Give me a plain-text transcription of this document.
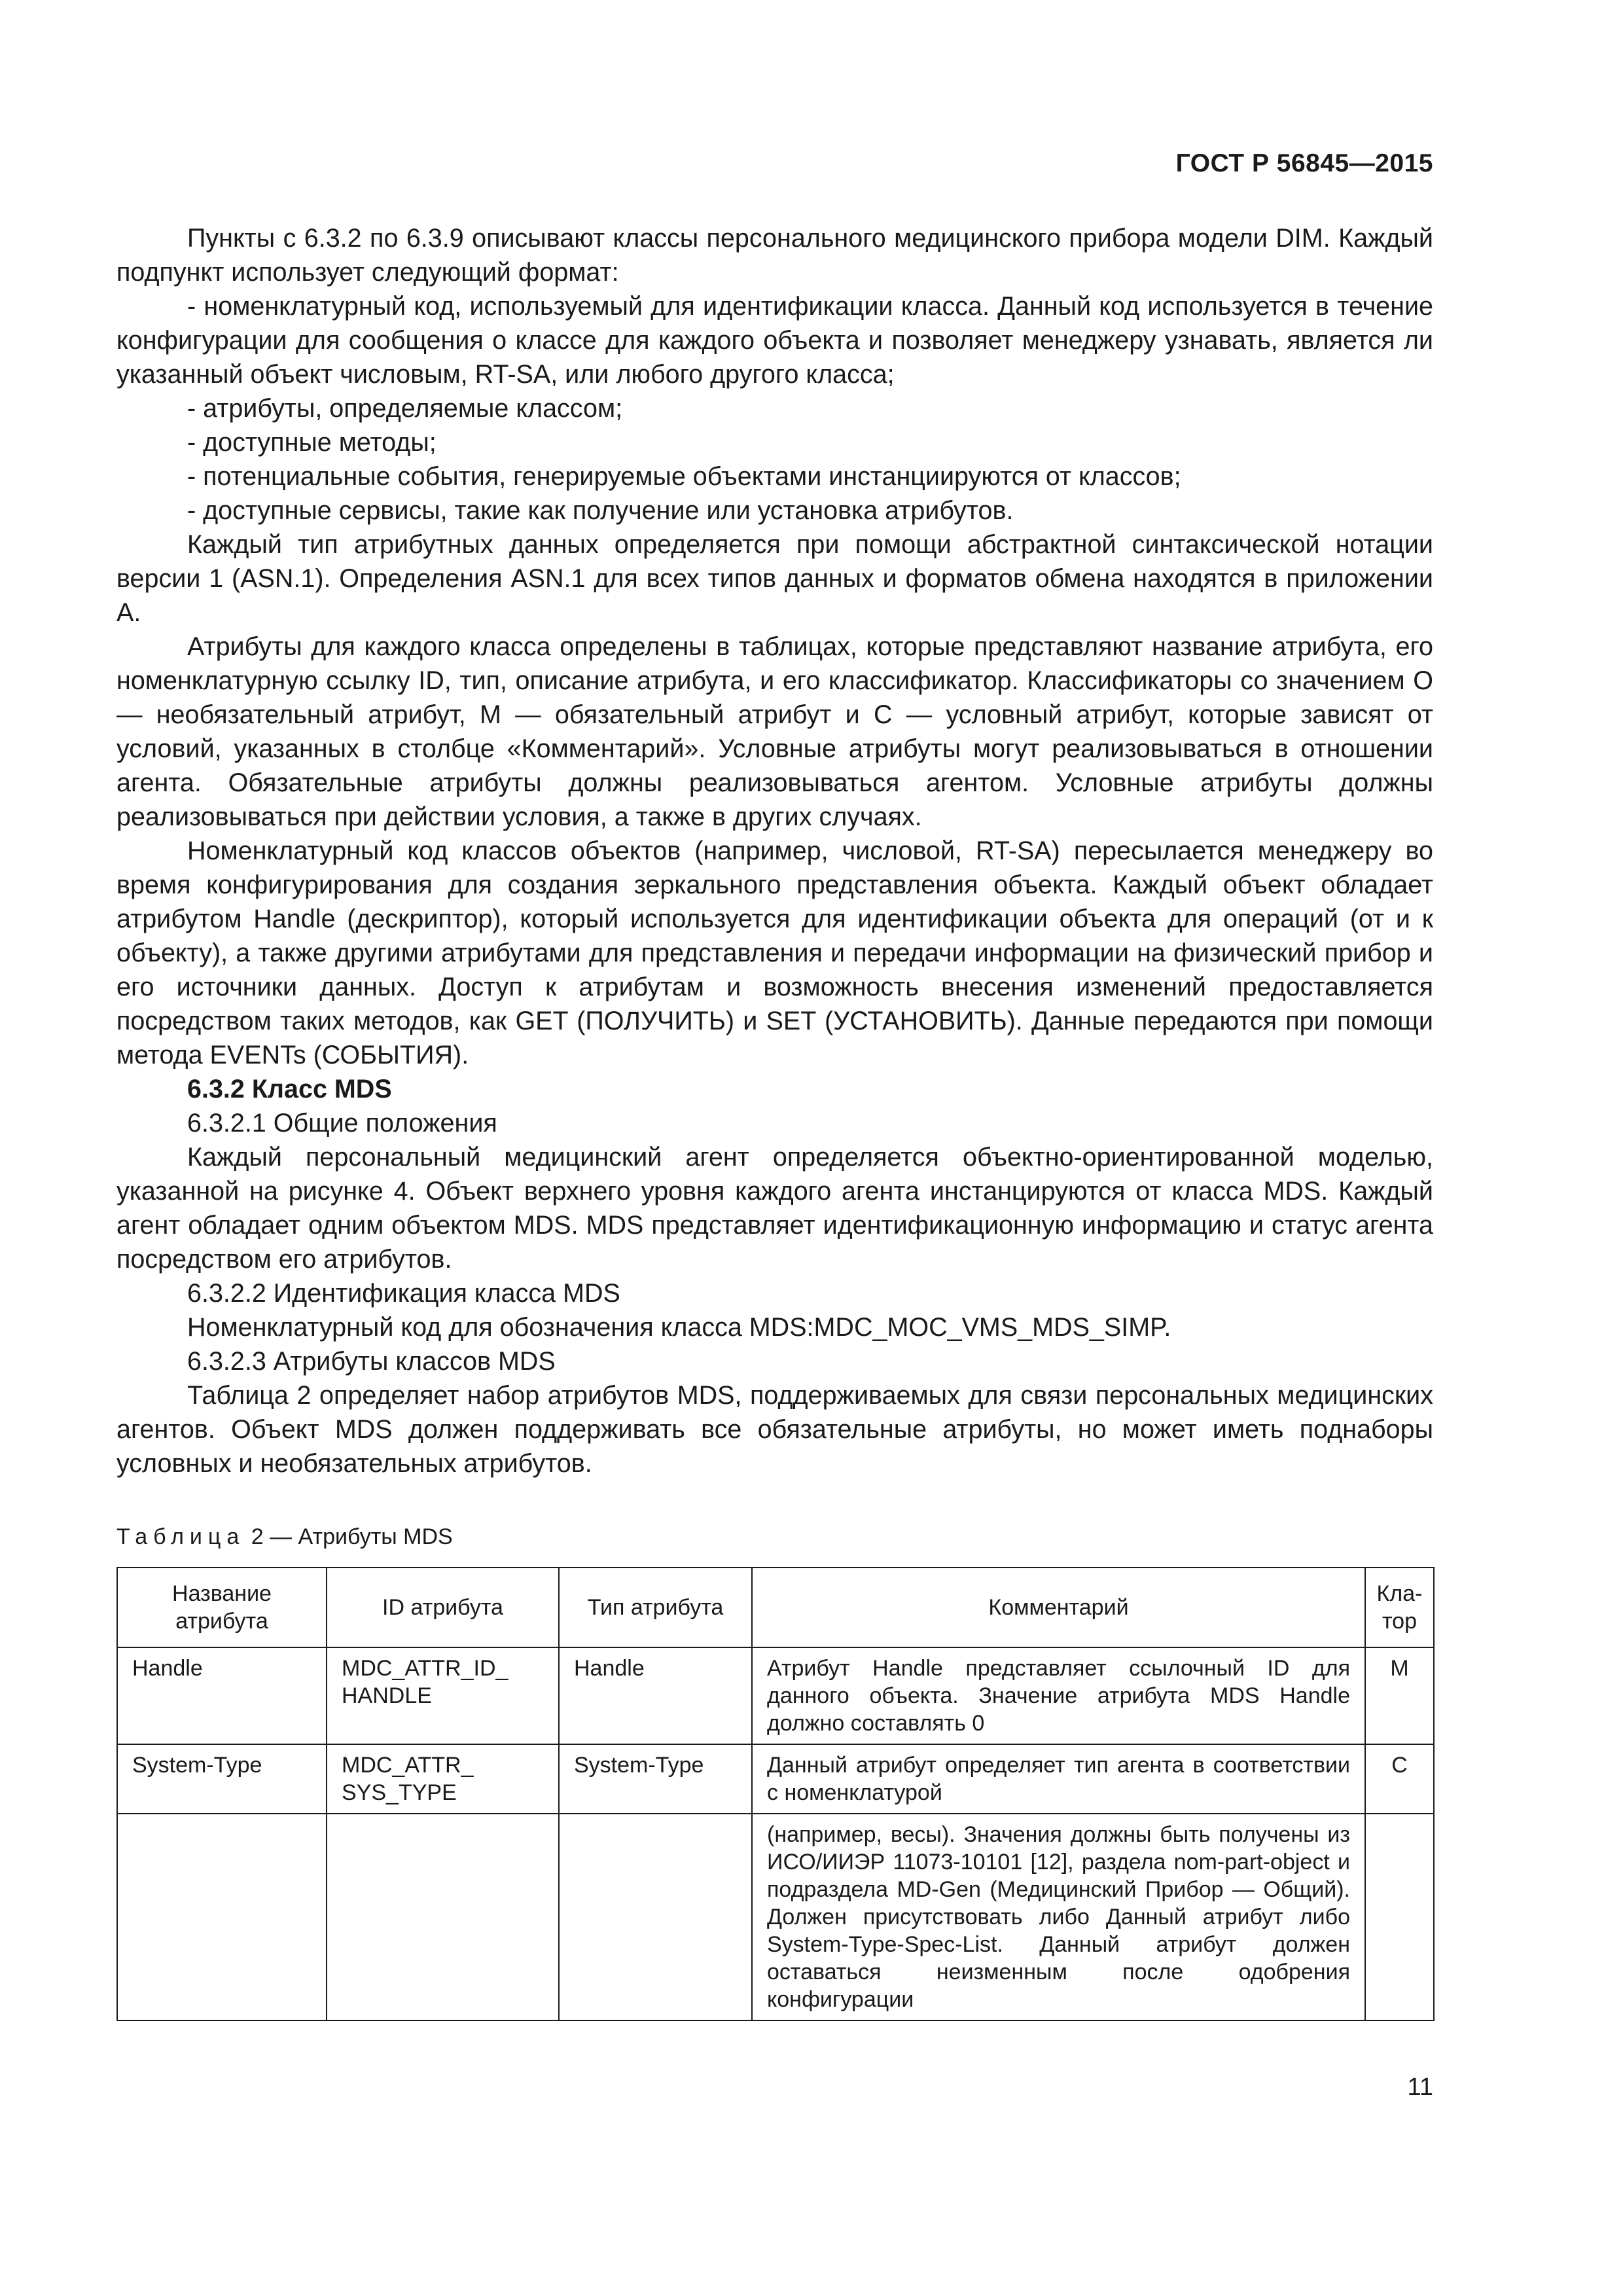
ГОСТ Р 56845—2015

Пункты с 6.3.2 по 6.3.9 описывают классы персонального медицинского прибора модели DIM. Каждый подпункт использует следующий формат:

- номенклатурный код, используемый для идентификации класса. Данный код используется в течение конфигурации для сообщения о классе для каждого объекта и позволяет менеджеру узнавать, является ли указанный объект числовым, RT-SA, или любого другого класса;

- атрибуты, определяемые классом;

- доступные методы;

- потенциальные события, генерируемые объектами инстанциируются от классов;

- доступные сервисы, такие как получение или установка атрибутов.

Каждый тип атрибутных данных определяется при помощи абстрактной синтаксической нотации версии 1 (ASN.1). Определения ASN.1 для всех типов данных и форматов обмена находятся в приложении А.

Атрибуты для каждого класса определены в таблицах, которые представляют название атрибута, его номенклатурную ссылку ID, тип, описание атрибута, и его классификатор. Классификаторы со значением О — необязательный атрибут, М — обязательный атрибут и С — условный атрибут, которые зависят от условий, указанных в столбце «Комментарий». Условные атрибуты могут реализовываться в отношении агента. Обязательные атрибуты должны реализовываться агентом. Условные атрибуты должны реализовываться при действии условия, а также в других случаях.

Номенклатурный код классов объектов (например, числовой, RT-SA) пересылается менеджеру во время конфигурирования для создания зеркального представления объекта. Каждый объект обладает атрибутом Handle (дескриптор), который используется для идентификации объекта для операций (от и к объекту), а также другими атрибутами для представления и передачи информации на физический прибор и его источники данных. Доступ к атрибутам и возможность внесения изменений предоставляется посредством таких методов, как GET (ПОЛУЧИТЬ) и SET (УСТАНОВИТЬ). Данные передаются при помощи метода EVENTs (СОБЫТИЯ).

6.3.2 Класс MDS

6.3.2.1 Общие положения

Каждый персональный медицинский агент определяется объектно-ориентированной моделью, указанной на рисунке 4. Объект верхнего уровня каждого агента инстанцируются от класса MDS. Каждый агент обладает одним объектом MDS. MDS представляет идентификационную информацию и статус агента посредством его атрибутов.

6.3.2.2 Идентификация класса MDS

Номенклатурный код для обозначения класса MDS:MDC_MOC_VMS_MDS_SIMP.

6.3.2.3 Атрибуты классов MDS

Таблица 2 определяет набор атрибутов MDS, поддерживаемых для связи персональных медицинских агентов. Объект MDS должен поддерживать все обязательные атрибуты, но может иметь поднаборы условных и необязательных атрибутов.

Таблица 2 — Атрибуты MDS
Название атрибута	ID атрибута	Тип атрибута	Комментарий	Кла-тор
Handle	MDC_ATTR_ID_ HANDLE	Handle	Атрибут Handle представляет ссылочный ID для данного объекта. Значение атрибута MDS Handle должно составлять 0	M
System-Type	MDC_ATTR_ SYS_TYPE	System-Type	Данный атрибут определяет тип агента в соответствии с номенклатурой	C
			(например, весы). Значения должны быть получены из ИСО/ИИЭР 11073-10101 [12], раздела nom-part-object и подраздела MD-Gen (Медицинский Прибор — Общий). Должен присутствовать либо Данный атрибут либо System-Type-Spec-List. Данный атрибут должен оставаться неизменным после одобрения конфигурации	
11
